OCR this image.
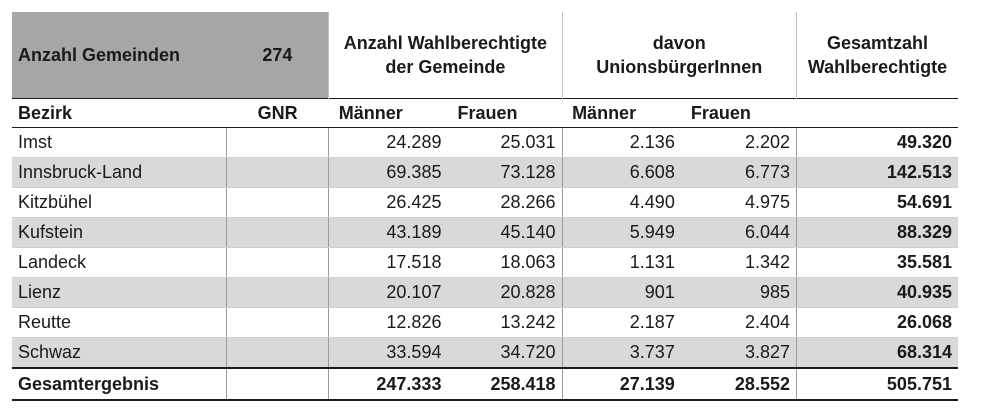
Anzahl Gemeinden	274	Anzahl Wahlberechtigte der Gemeinde		davon UnionsbürgerInnen		Gesamtzahl Wahlberechtigte
Bezirk	GNR	Männer	Frauen	Männer	Frauen	
Imst		24.289	25.031	2.136	2.202	49.320
Innsbruck-Land		69.385	73.128	6.608	6.773	142.513
Kitzbühel		26.425	28.266	4.490	4.975	54.691
Kufstein		43.189	45.140	5.949	6.044	88.329
Landeck		17.518	18.063	1.131	1.342	35.581
Lienz		20.107	20.828	901	985	40.935
Reutte		12.826	13.242	2.187	2.404	26.068
Schwaz		33.594	34.720	3.737	3.827	68.314
Gesamtergebnis		247.333	258.418	27.139	28.552	505.751
